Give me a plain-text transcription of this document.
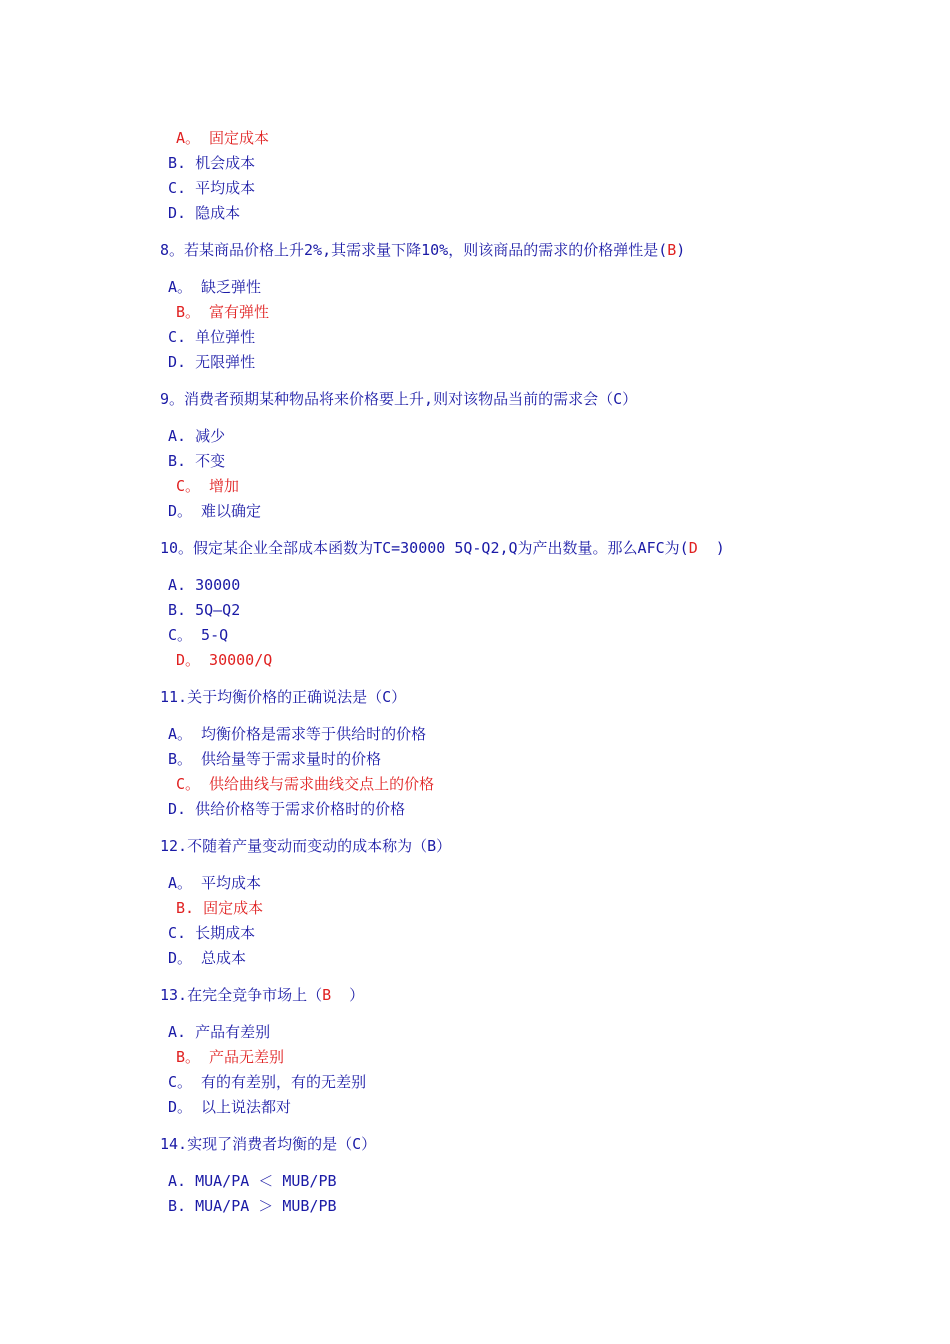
A。 固定成本
B. 机会成本
C. 平均成本
D. 隐成本
8。若某商品价格上升2%,其需求量下降10%，则该商品的需求的价格弹性是(B)
A。 缺乏弹性
B。 富有弹性
C. 单位弹性
D. 无限弹性
9。消费者预期某种物品将来价格要上升,则对该物品当前的需求会（C）
A. 减少
B. 不变
C。 增加
D。 难以确定
10。假定某企业全部成本函数为TC=30000 5Q-Q2,Q为产出数量。那么AFC为(D  )
A. 30000
B. 5Q—Q2
C。 5-Q
D。 30000/Q
11.关于均衡价格的正确说法是（C）
A。 均衡价格是需求等于供给时的价格
B。 供给量等于需求量时的价格
C。 供给曲线与需求曲线交点上的价格
D. 供给价格等于需求价格时的价格
12.不随着产量变动而变动的成本称为（B）
A。 平均成本
B. 固定成本
C. 长期成本
D。 总成本
13.在完全竞争市场上（B  ）
A. 产品有差别
B。 产品无差别
C。 有的有差别，有的无差别
D。 以上说法都对
14.实现了消费者均衡的是（C）
A. MUA/PA ＜ MUB/PB
B. MUA/PA ＞ MUB/PB
